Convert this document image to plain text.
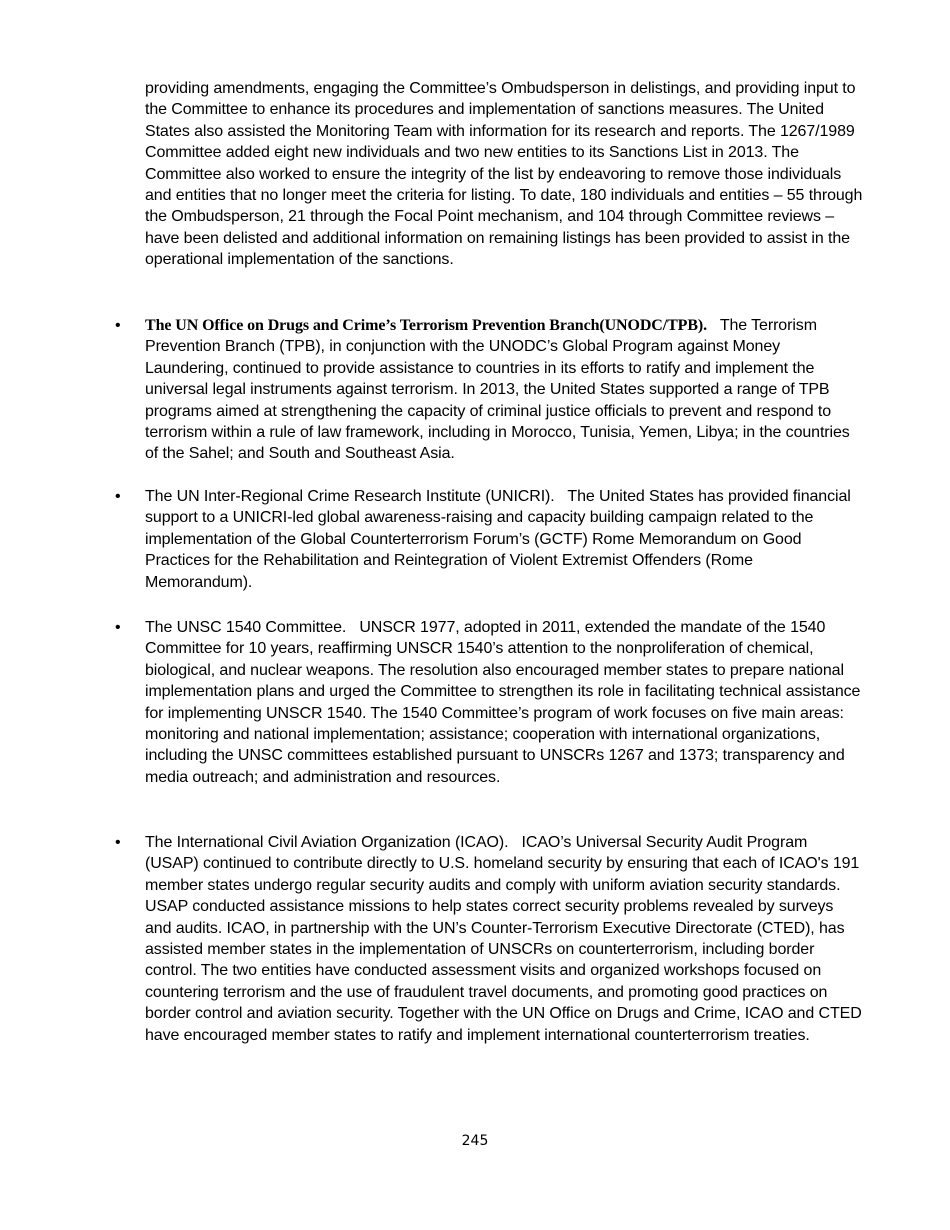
providing amendments, engaging the Committee’s Ombudsperson in delistings, and providing input to the Committee to enhance its procedures and implementation of sanctions measures. The United States also assisted the Monitoring Team with information for its research and reports. The 1267/1989 Committee added eight new individuals and two new entities to its Sanctions List in 2013. The Committee also worked to ensure the integrity of the list by endeavoring to remove those individuals and entities that no longer meet the criteria for listing. To date, 180 individuals and entities – 55 through the Ombudsperson, 21 through the Focal Point mechanism, and 104 through Committee reviews – have been delisted and additional information on remaining listings has been provided to assist in the operational implementation of the sanctions.
• The UN Office on Drugs and Crime’s Terrorism Prevention Branch(UNODC/TPB). The Terrorism Prevention Branch (TPB), in conjunction with the UNODC’s Global Program against Money Laundering, continued to provide assistance to countries in its efforts to ratify and implement the universal legal instruments against terrorism. In 2013, the United States supported a range of TPB programs aimed at strengthening the capacity of criminal justice officials to prevent and respond to terrorism within a rule of law framework, including in Morocco, Tunisia, Yemen, Libya; in the countries of the Sahel; and South and Southeast Asia.
• The UN Inter-Regional Crime Research Institute (UNICRI). The United States has provided financial support to a UNICRI-led global awareness-raising and capacity building campaign related to the implementation of the Global Counterterrorism Forum’s (GCTF) Rome Memorandum on Good Practices for the Rehabilitation and Reintegration of Violent Extremist Offenders (Rome Memorandum).
• The UNSC 1540 Committee. UNSCR 1977, adopted in 2011, extended the mandate of the 1540 Committee for 10 years, reaffirming UNSCR 1540’s attention to the nonproliferation of chemical, biological, and nuclear weapons. The resolution also encouraged member states to prepare national implementation plans and urged the Committee to strengthen its role in facilitating technical assistance for implementing UNSCR 1540. The 1540 Committee’s program of work focuses on five main areas: monitoring and national implementation; assistance; cooperation with international organizations, including the UNSC committees established pursuant to UNSCRs 1267 and 1373; transparency and media outreach; and administration and resources.
• The International Civil Aviation Organization (ICAO). ICAO’s Universal Security Audit Program (USAP) continued to contribute directly to U.S. homeland security by ensuring that each of ICAO's 191 member states undergo regular security audits and comply with uniform aviation security standards. USAP conducted assistance missions to help states correct security problems revealed by surveys and audits. ICAO, in partnership with the UN’s Counter-Terrorism Executive Directorate (CTED), has assisted member states in the implementation of UNSCRs on counterterrorism, including border control. The two entities have conducted assessment visits and organized workshops focused on countering terrorism and the use of fraudulent travel documents, and promoting good practices on border control and aviation security. Together with the UN Office on Drugs and Crime, ICAO and CTED have encouraged member states to ratify and implement international counterterrorism treaties.
245
